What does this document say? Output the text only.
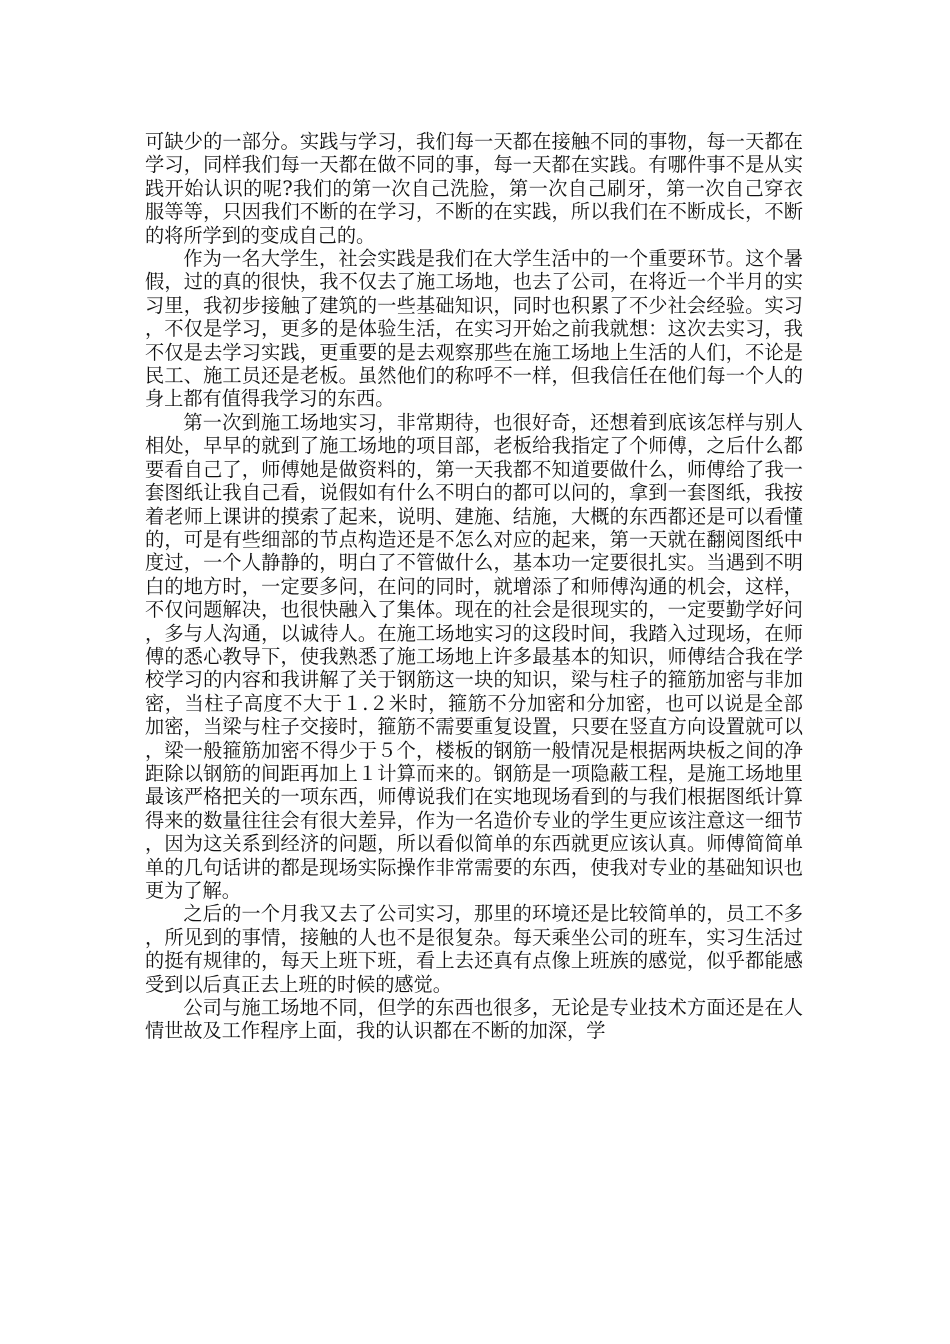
可缺少的一部分。实践与学习，我们每一天都在接触不同的事物，每一天都在学习，同样我们每一天都在做不同的事，每一天都在实践。有哪件事不是从实践开始认识的呢?我们的第一次自己洗脸，第一次自己刷牙，第一次自己穿衣服等等，只因我们不断的在学习，不断的在实践，所以我们在不断成长，不断的将所学到的变成自己的。

作为一名大学生，社会实践是我们在大学生活中的一个重要环节。这个暑假，过的真的很快，我不仅去了施工场地，也去了公司，在将近一个半月的实习里，我初步接触了建筑的一些基础知识，同时也积累了不少社会经验。实习，不仅是学习，更多的是体验生活，在实习开始之前我就想：这次去实习，我不仅是去学习实践，更重要的是去观察那些在施工场地上生活的人们，不论是民工、施工员还是老板。虽然他们的称呼不一样，但我信任在他们每一个人的身上都有值得我学习的东西。

第一次到施工场地实习，非常期待，也很好奇，还想着到底该怎样与别人相处，早早的就到了施工场地的项目部，老板给我指定了个师傅，之后什么都要看自己了，师傅她是做资料的，第一天我都不知道要做什么，师傅给了我一套图纸让我自己看，说假如有什么不明白的都可以问的，拿到一套图纸，我按着老师上课讲的摸索了起来，说明、建施、结施，大概的东西都还是可以看懂的，可是有些细部的节点构造还是不怎么对应的起来，第一天就在翻阅图纸中度过，一个人静静的，明白了不管做什么，基本功一定要很扎实。当遇到不明白的地方时，一定要多问，在问的同时，就增添了和师傅沟通的机会，这样，不仅问题解决，也很快融入了集体。现在的社会是很现实的，一定要勤学好问，多与人沟通，以诚待人。在施工场地实习的这段时间，我踏入过现场，在师傅的悉心教导下，使我熟悉了施工场地上许多最基本的知识，师傅结合我在学校学习的内容和我讲解了关于钢筋这一块的知识，梁与柱子的箍筋加密与非加密，当柱子高度不大于１.２米时，箍筋不分加密和分加密，也可以说是全部加密，当梁与柱子交接时，箍筋不需要重复设置，只要在竖直方向设置就可以，梁一般箍筋加密不得少于５个，楼板的钢筋一般情况是根据两块板之间的净距除以钢筋的间距再加上１计算而来的。钢筋是一项隐蔽工程，是施工场地里最该严格把关的一项东西，师傅说我们在实地现场看到的与我们根据图纸计算得来的数量往往会有很大差异，作为一名造价专业的学生更应该注意这一细节，因为这关系到经济的问题，所以看似简单的东西就更应该认真。师傅简简单单的几句话讲的都是现场实际操作非常需要的东西，使我对专业的基础知识也更为了解。

之后的一个月我又去了公司实习，那里的环境还是比较简单的，员工不多，所见到的事情，接触的人也不是很复杂。每天乘坐公司的班车，实习生活过的挺有规律的，每天上班下班，看上去还真有点像上班族的感觉，似乎都能感受到以后真正去上班的时候的感觉。

公司与施工场地不同，但学的东西也很多，无论是专业技术方面还是在人情世故及工作程序上面，我的认识都在不断的加深，学
